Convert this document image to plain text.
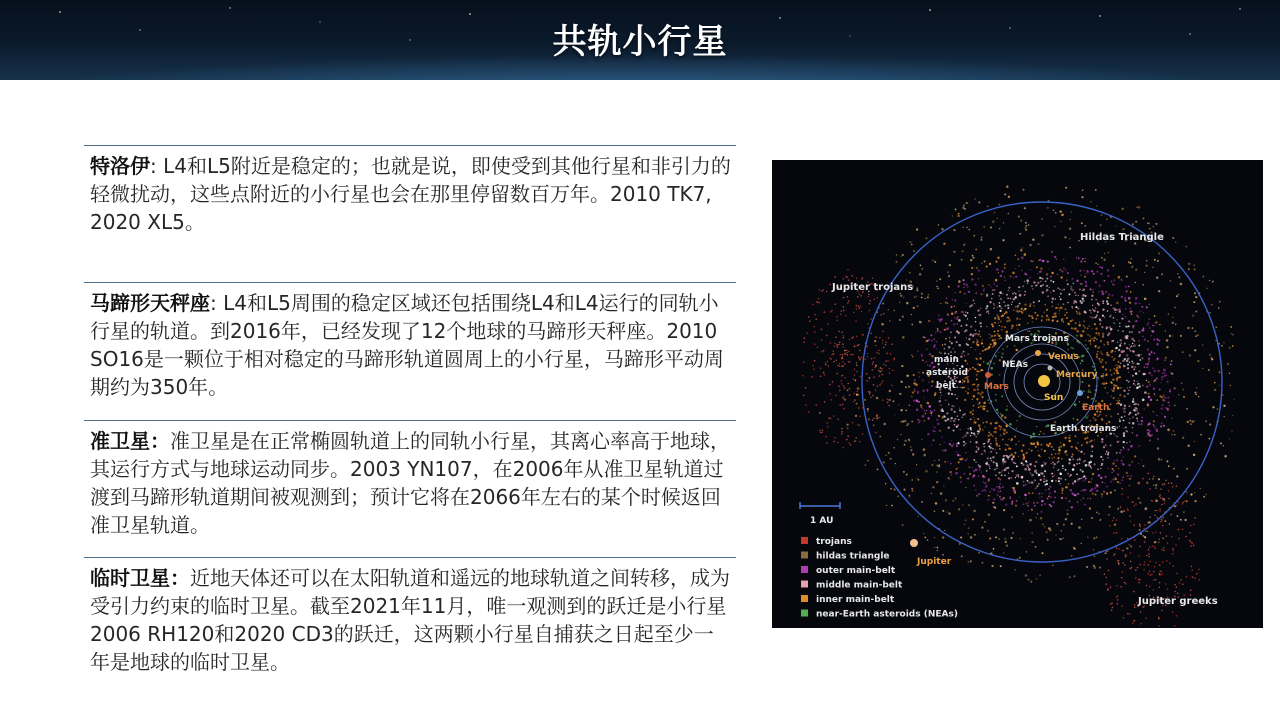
共轨小行星
特洛伊: L4和L5附近是稳定的；也就是说，即使受到其他行星和非引力的轻微扰动，这些点附近的小行星也会在那里停留数百万年。2010 TK7, 2020 XL5。
马蹄形天秤座: L4和L5周围的稳定区域还包括围绕L4和L4运行的同轨小行星的轨道。到2016年，已经发现了12个地球的马蹄形天秤座。2010 SO16是一颗位于相对稳定的马蹄形轨道圆周上的小行星，马蹄形平动周期约为350年。
准卫星：准卫星是在正常椭圆轨道上的同轨小行星，其离心率高于地球，其运行方式与地球运动同步。2003 YN107，在2006年从准卫星轨道过渡到马蹄形轨道期间被观测到；预计它将在2066年左右的某个时候返回准卫星轨道。
临时卫星：近地天体还可以在太阳轨道和遥远的地球轨道之间转移，成为受引力约束的临时卫星。截至2021年11月，唯一观测到的跃迁是小行星2006 RH120和2020 CD3的跃迁，这两颗小行星自捕获之日起至少一年是地球的临时卫星。
Hildas Triangle
Jupiter trojans
Mars trojans
NEAs
Venus
Mercury
Mars
Sun
Earth
Earth trojans
main
asteroid
belt
Jupiter
Jupiter greeks
1 AU
trojans
hildas triangle
outer main-belt
middle main-belt
inner main-belt
near-Earth asteroids (NEAs)
